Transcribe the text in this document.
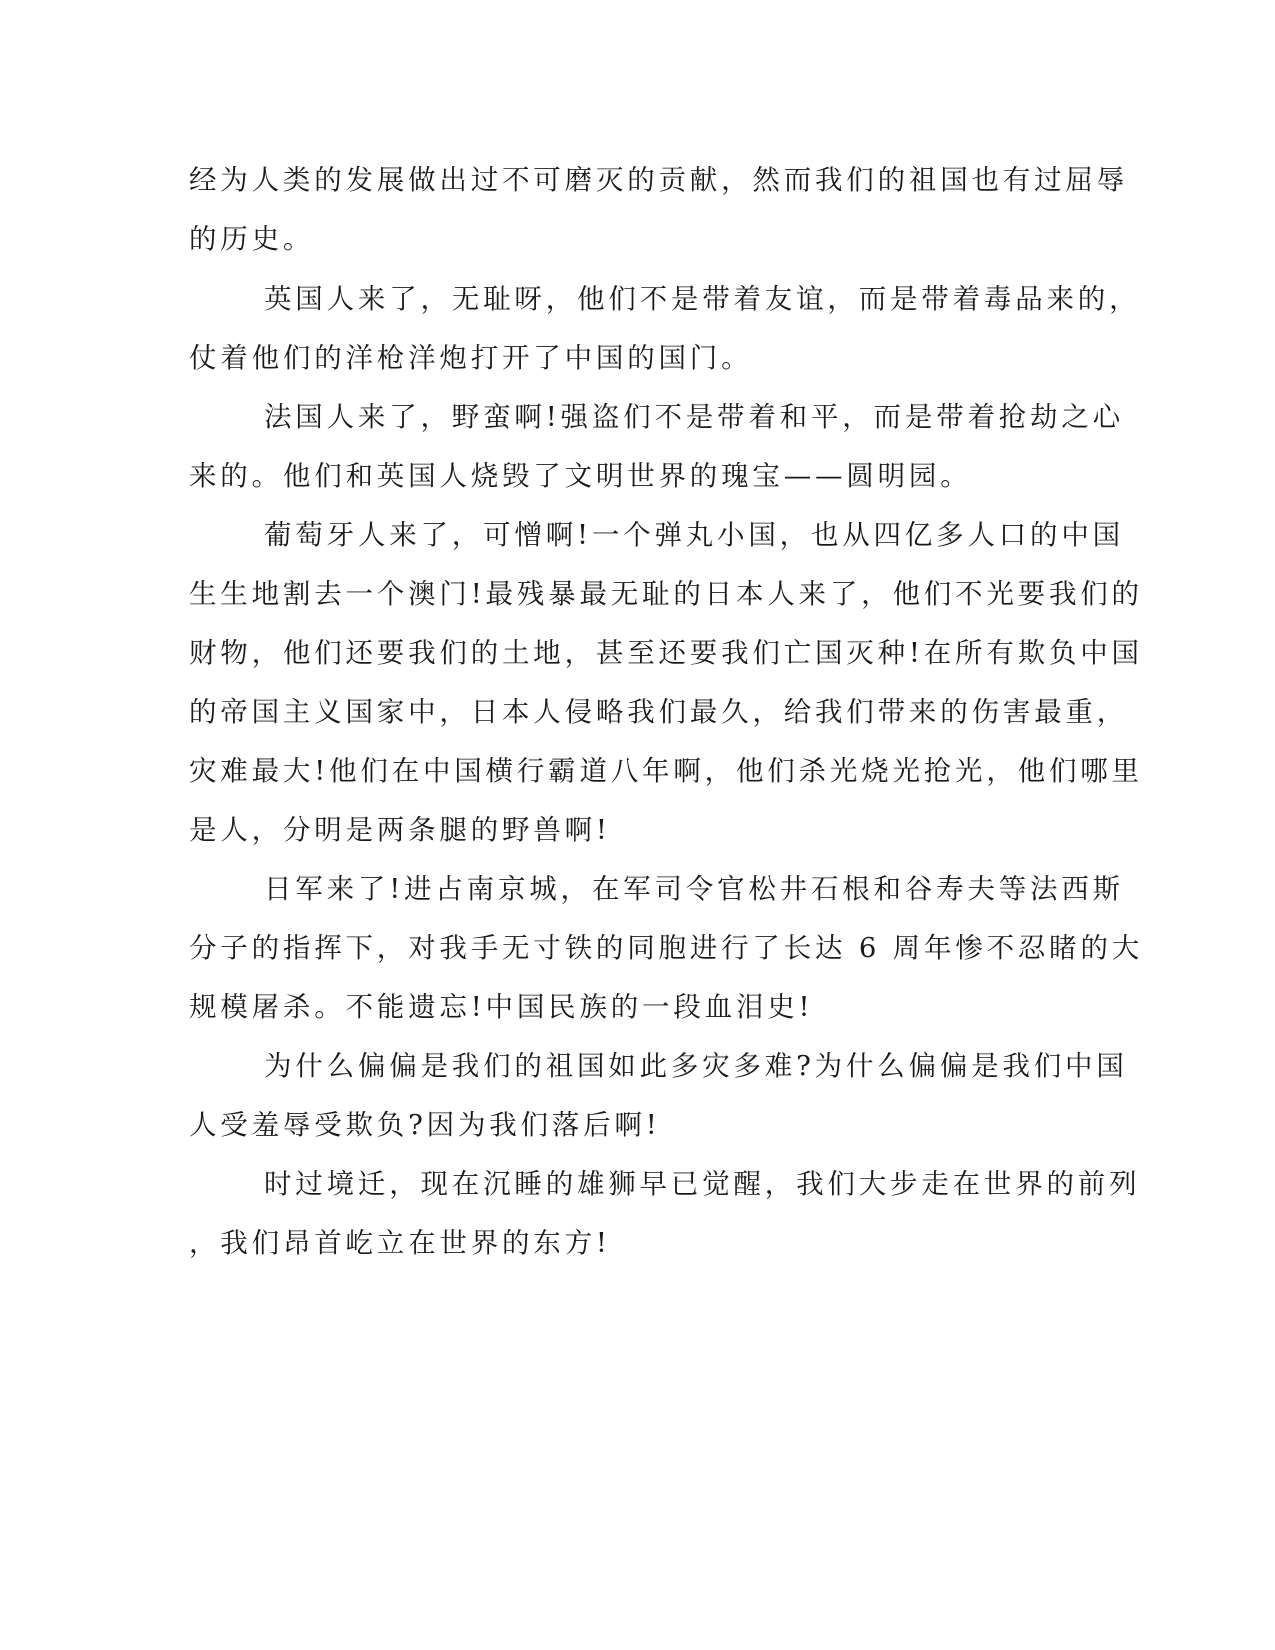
经为人类的发展做出过不可磨灭的贡献，然而我们的祖国也有过屈辱
的历史。
英国人来了，无耻呀，他们不是带着友谊，而是带着毒品来的，
仗着他们的洋枪洋炮打开了中国的国门。
法国人来了，野蛮啊!强盗们不是带着和平，而是带着抢劫之心
来的。他们和英国人烧毁了文明世界的瑰宝——圆明园。
葡萄牙人来了，可憎啊!一个弹丸小国，也从四亿多人口的中国
生生地割去一个澳门!最残暴最无耻的日本人来了，他们不光要我们的
财物，他们还要我们的土地，甚至还要我们亡国灭种!在所有欺负中国
的帝国主义国家中，日本人侵略我们最久，给我们带来的伤害最重，
灾难最大!他们在中国横行霸道八年啊，他们杀光烧光抢光，他们哪里
是人，分明是两条腿的野兽啊!
日军来了!进占南京城，在军司令官松井石根和谷寿夫等法西斯
分子的指挥下，对我手无寸铁的同胞进行了长达 6 周年惨不忍睹的大
规模屠杀。不能遗忘!中国民族的一段血泪史!
为什么偏偏是我们的祖国如此多灾多难?为什么偏偏是我们中国
人受羞辱受欺负?因为我们落后啊!
时过境迁，现在沉睡的雄狮早已觉醒，我们大步走在世界的前列
，我们昂首屹立在世界的东方!
